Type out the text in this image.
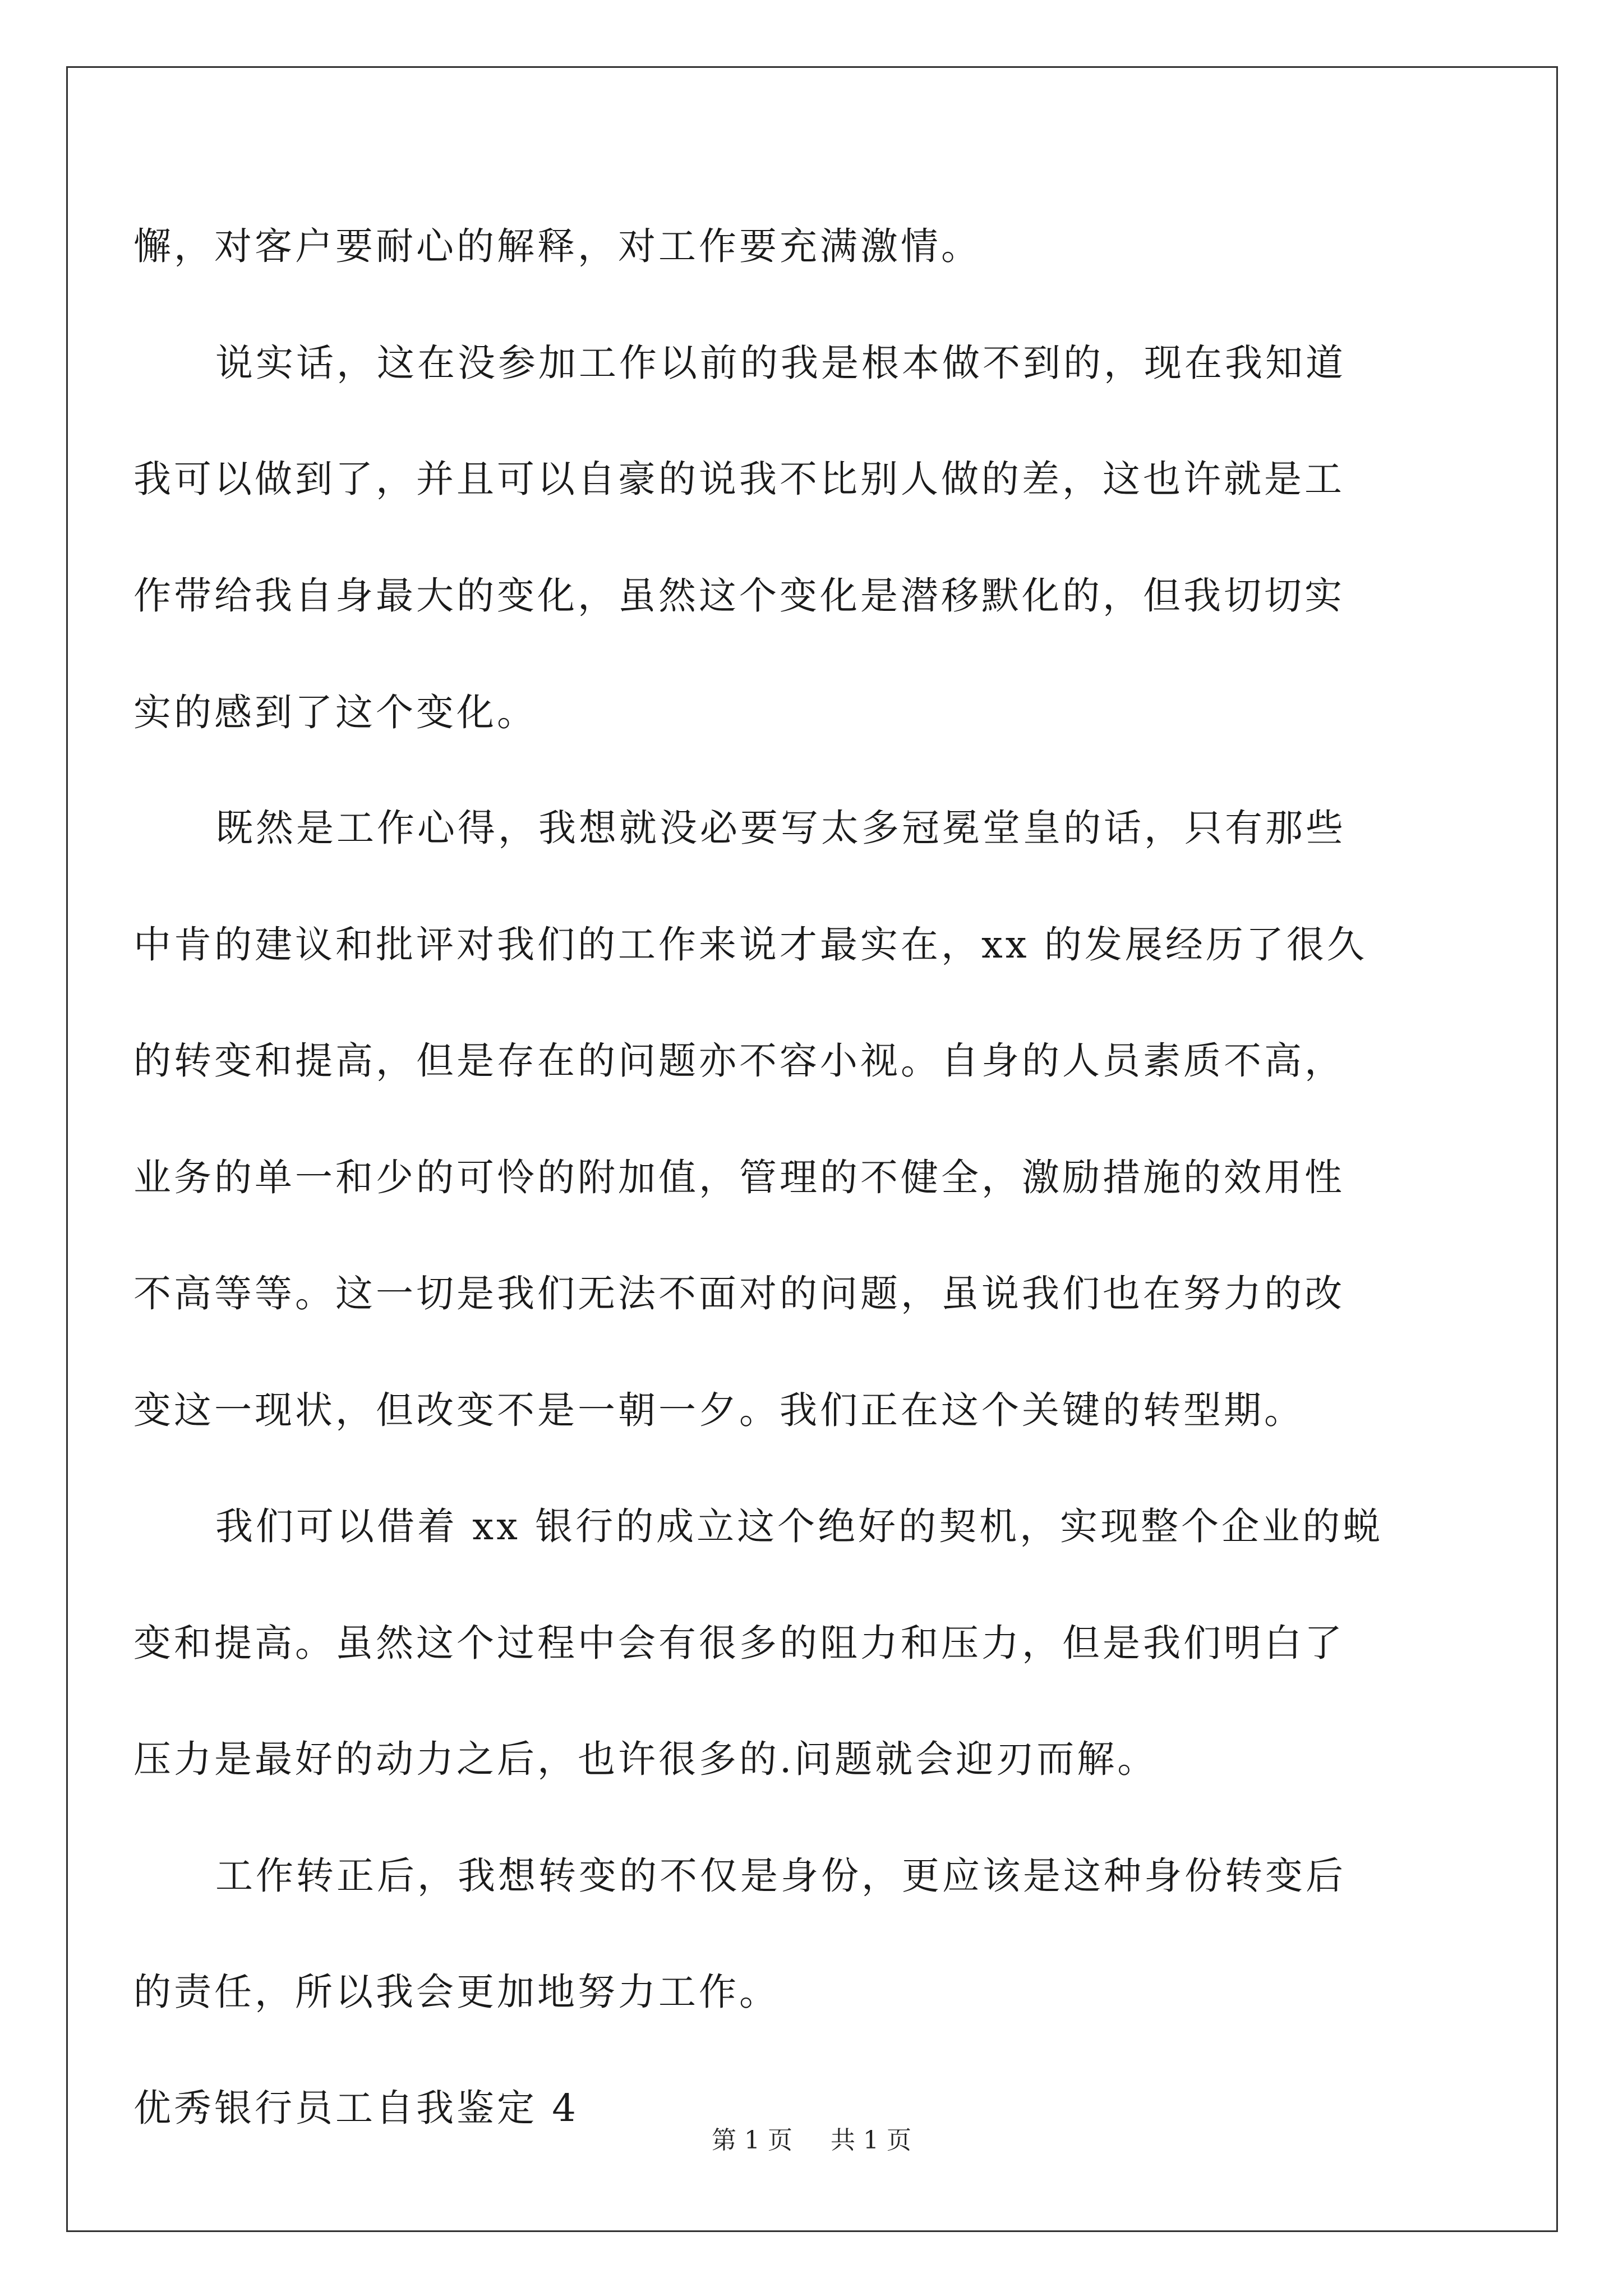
懈，对客户要耐心的解释，对工作要充满激情。
说实话，这在没参加工作以前的我是根本做不到的，现在我知道
我可以做到了，并且可以自豪的说我不比别人做的差，这也许就是工
作带给我自身最大的变化，虽然这个变化是潜移默化的，但我切切实
实的感到了这个变化。
既然是工作心得，我想就没必要写太多冠冕堂皇的话，只有那些
中肯的建议和批评对我们的工作来说才最实在，xx 的发展经历了很久
的转变和提高，但是存在的问题亦不容小视。自身的人员素质不高，
业务的单一和少的可怜的附加值，管理的不健全，激励措施的效用性
不高等等。这一切是我们无法不面对的问题，虽说我们也在努力的改
变这一现状，但改变不是一朝一夕。我们正在这个关键的转型期。
我们可以借着 xx 银行的成立这个绝好的契机，实现整个企业的蜕
变和提高。虽然这个过程中会有很多的阻力和压力，但是我们明白了
压力是最好的动力之后，也许很多的.问题就会迎刃而解。
工作转正后，我想转变的不仅是身份，更应该是这种身份转变后
的责任，所以我会更加地努力工作。
优秀银行员工自我鉴定 4
第 1 页 共 1 页
